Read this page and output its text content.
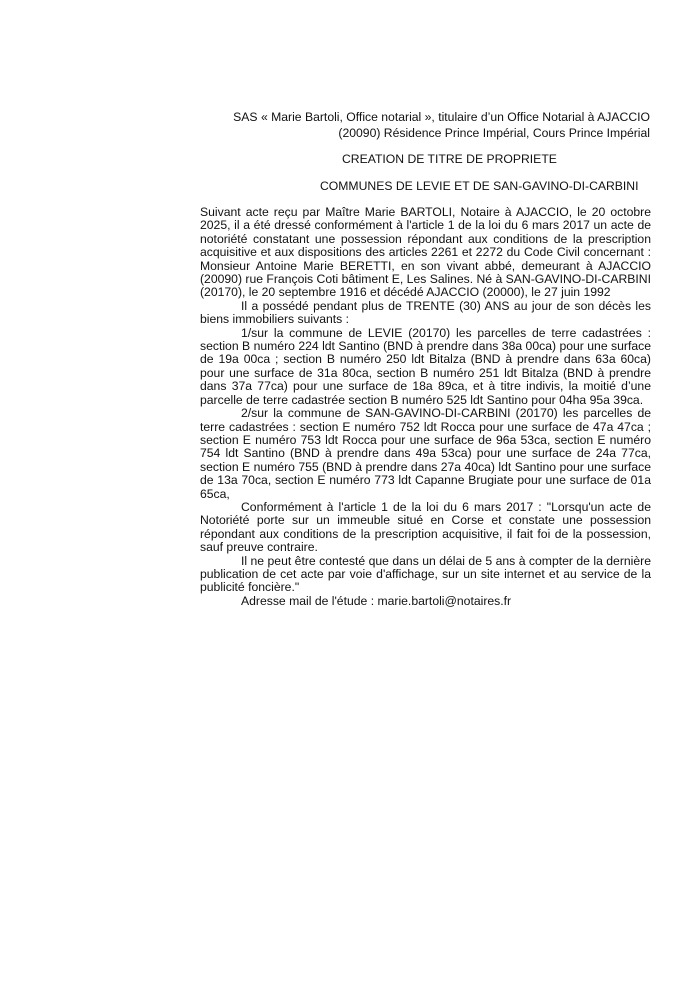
SAS « Marie Bartoli, Office notarial », titulaire d’un Office Notarial à AJACCIO
(20090) Résidence Prince Impérial, Cours Prince Impérial
CREATION DE TITRE DE PROPRIETE
COMMUNES DE LEVIE ET DE SAN-GAVINO-DI-CARBINI

Suivant acte reçu par Maître Marie BARTOLI, Notaire à AJACCIO, le 20 octobre 2025, il a été dressé conformément à l'article 1 de la loi du 6 mars 2017 un acte de notoriété constatant une possession répondant aux conditions de la prescription acquisitive et aux dispositions des articles 2261 et 2272 du Code Civil concernant : Monsieur Antoine Marie BERETTI, en son vivant abbé, demeurant à AJACCIO (20090) rue François Coti bâtiment E, Les Salines. Né à SAN-GAVINO-DI-CARBINI (20170), le 20 septembre 1916 et décédé AJACCIO (20000), le 27 juin 1992

Il a possédé pendant plus de TRENTE (30) ANS au jour de son décès les biens immobiliers suivants :

1/sur la commune de LEVIE (20170) les parcelles de terre cadastrées : section B numéro 224 ldt Santino (BND à prendre dans 38a 00ca) pour une surface de 19a 00ca ; section B numéro 250 ldt Bitalza (BND à prendre dans 63a 60ca) pour une surface de 31a 80ca, section B numéro 251 ldt Bitalza (BND à prendre dans 37a 77ca) pour une surface de 18a 89ca, et à titre indivis, la moitié d’une parcelle de terre cadastrée section B numéro 525 ldt Santino pour 04ha 95a 39ca.

2/sur la commune de SAN-GAVINO-DI-CARBINI (20170) les parcelles de terre cadastrées : section E numéro 752 ldt Rocca pour une surface de 47a 47ca ; section E numéro 753 ldt Rocca pour une surface de 96a 53ca, section E numéro 754 ldt Santino (BND à prendre dans 49a 53ca) pour une surface de 24a 77ca, section E numéro 755 (BND à prendre dans 27a 40ca) ldt Santino pour une surface de 13a 70ca, section E numéro 773 ldt Capanne Brugiate pour une surface de 01a 65ca,

Conformément à l'article 1 de la loi du 6 mars 2017 : "Lorsqu'un acte de Notoriété porte sur un immeuble situé en Corse et constate une possession répondant aux conditions de la prescription acquisitive, il fait foi de la possession, sauf preuve contraire.

Il ne peut être contesté que dans un délai de 5 ans à compter de la dernière publication de cet acte par voie d'affichage, sur un site internet et au service de la publicité foncière."

Adresse mail de l'étude : marie.bartoli@notaires.fr
